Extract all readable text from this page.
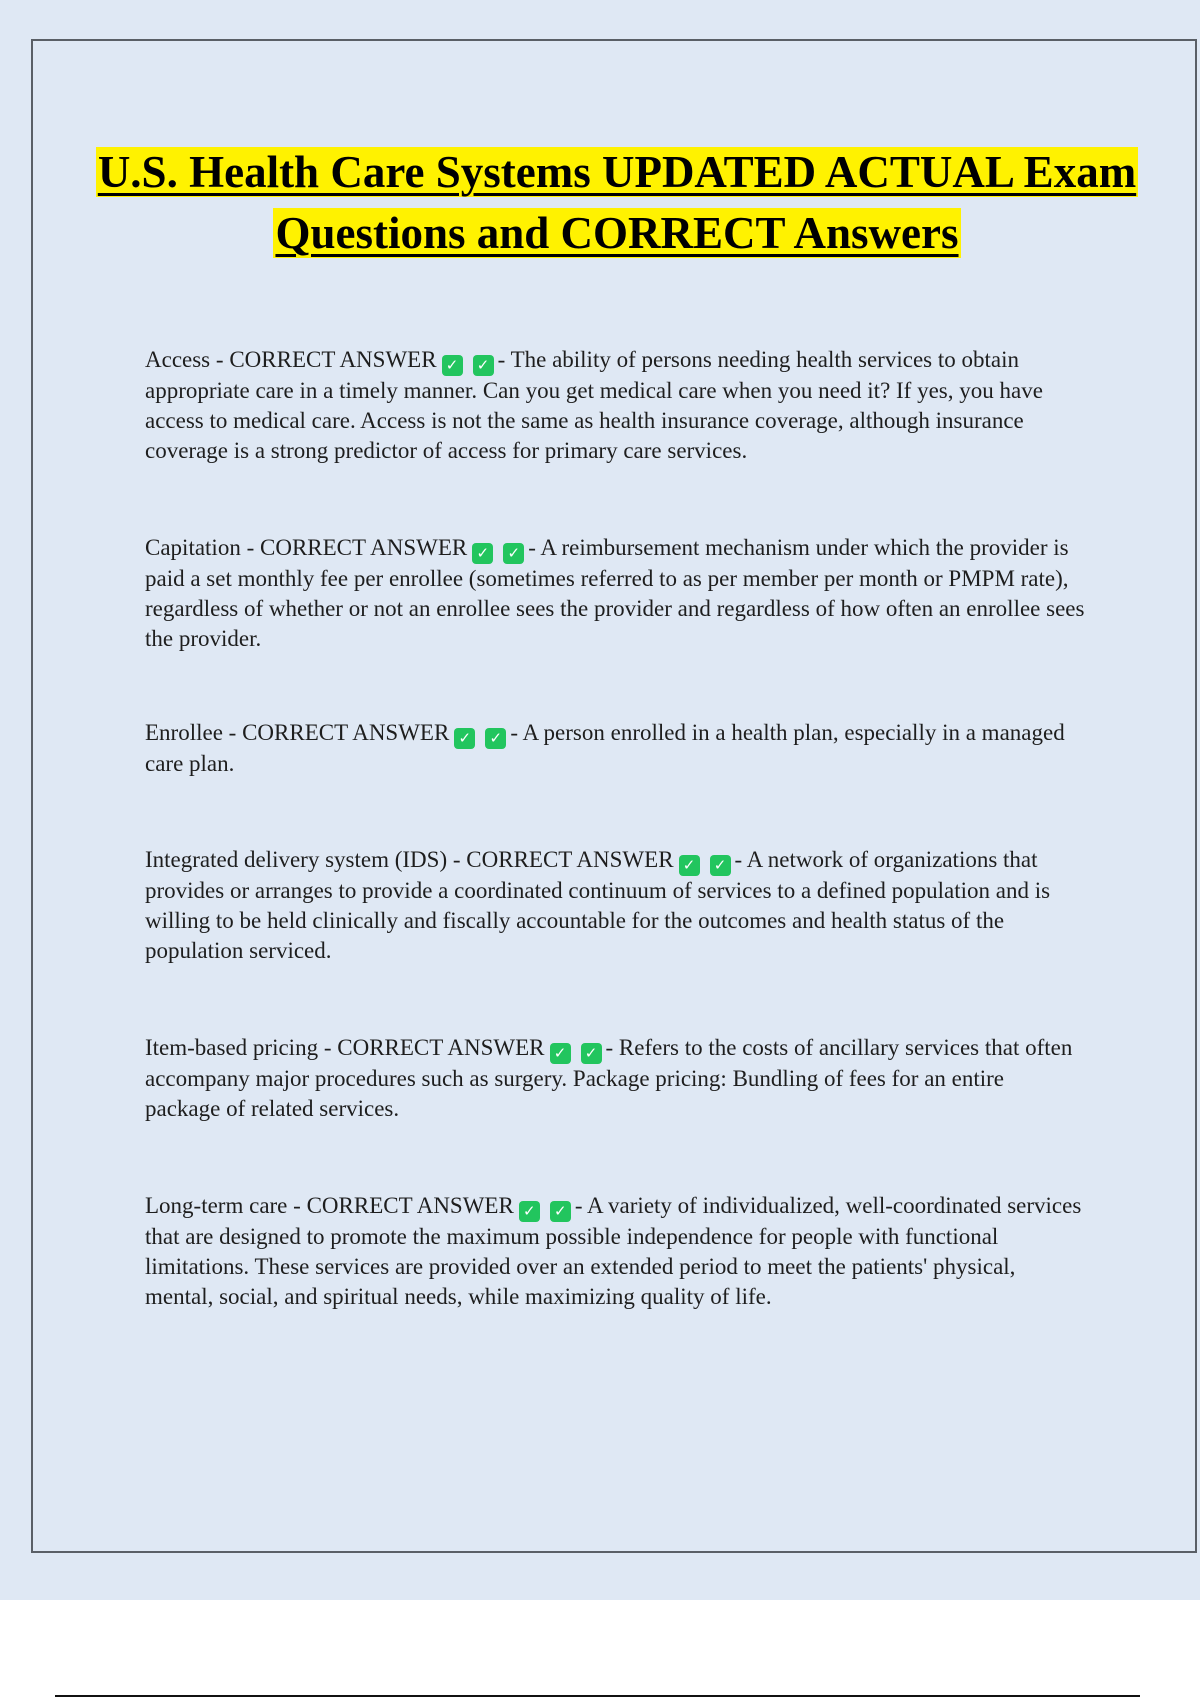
U.S. Health Care Systems UPDATED ACTUAL Exam Questions and CORRECT Answers

Access - CORRECT ANSWER ✓ ✓ - The ability of persons needing health services to obtain appropriate care in a timely manner. Can you get medical care when you need it? If yes, you have access to medical care. Access is not the same as health insurance coverage, although insurance coverage is a strong predictor of access for primary care services.

Capitation - CORRECT ANSWER ✓ ✓ - A reimbursement mechanism under which the provider is paid a set monthly fee per enrollee (sometimes referred to as per member per month or PMPM rate), regardless of whether or not an enrollee sees the provider and regardless of how often an enrollee sees the provider.

Enrollee - CORRECT ANSWER ✓ ✓ - A person enrolled in a health plan, especially in a managed care plan.

Integrated delivery system (IDS) - CORRECT ANSWER ✓ ✓ - A network of organizations that provides or arranges to provide a coordinated continuum of services to a defined population and is willing to be held clinically and fiscally accountable for the outcomes and health status of the population serviced.

Item-based pricing - CORRECT ANSWER ✓ ✓ - Refers to the costs of ancillary services that often accompany major procedures such as surgery. Package pricing: Bundling of fees for an entire package of related services.

Long-term care - CORRECT ANSWER ✓ ✓ - A variety of individualized, well-coordinated services that are designed to promote the maximum possible independence for people with functional limitations. These services are provided over an extended period to meet the patients' physical, mental, social, and spiritual needs, while maximizing quality of life.
